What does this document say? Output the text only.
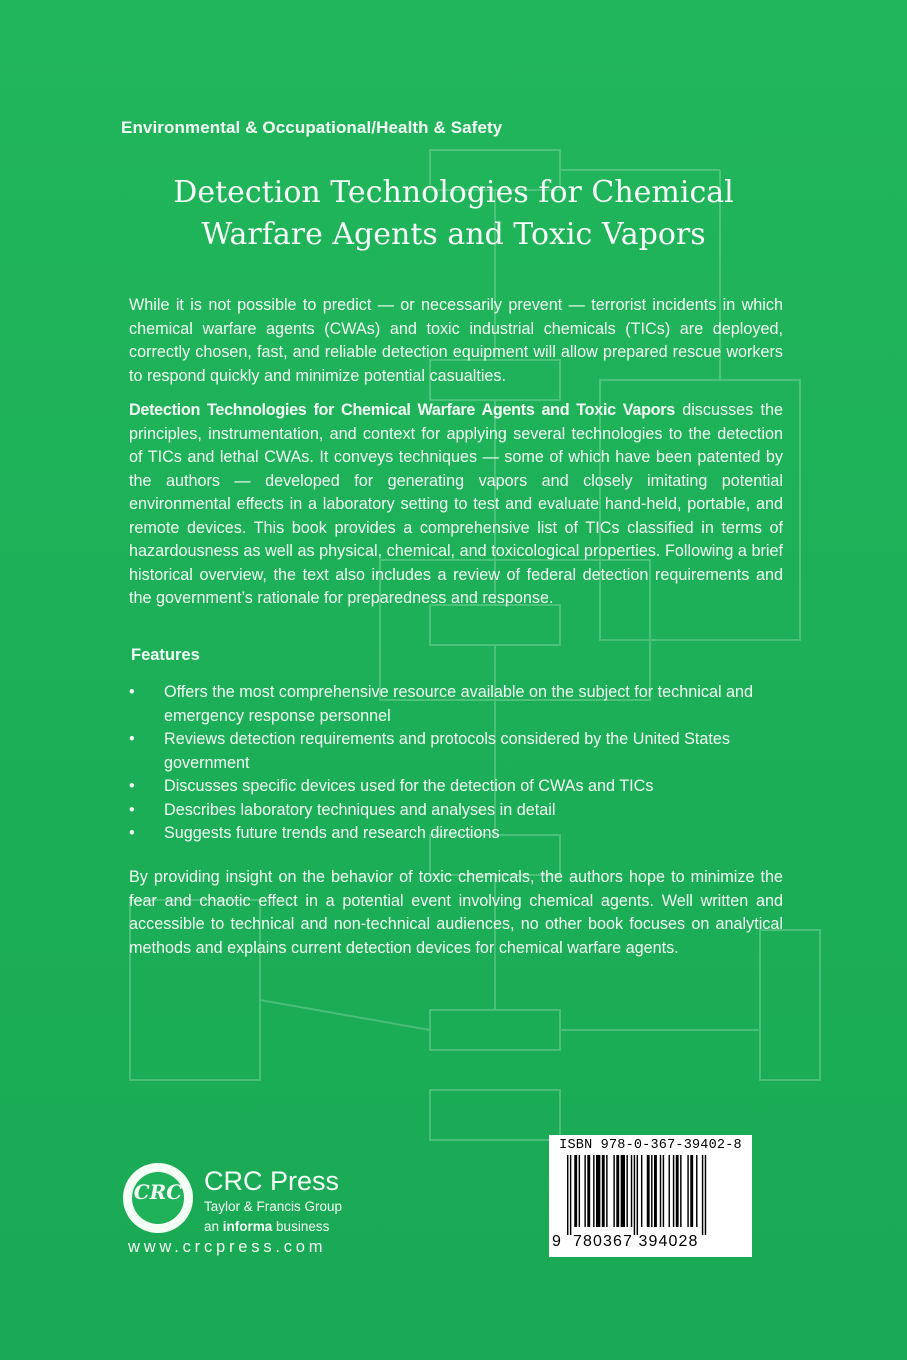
Environmental & Occupational/Health & Safety
Detection Technologies for Chemical
Warfare Agents and Toxic Vapors
While it is not possible to predict — or necessarily prevent — terrorist incidents in which chemical warfare agents (CWAs) and toxic industrial chemicals (TICs) are deployed, correctly chosen, fast, and reliable detection equipment will allow prepared rescue workers to respond quickly and minimize potential casualties.
Detection Technologies for Chemical Warfare Agents and Toxic Vapors discusses the principles, instrumentation, and context for applying several technologies to the detection of TICs and lethal CWAs. It conveys techniques — some of which have been patented by the authors — developed for generating vapors and closely imitating potential environmental effects in a laboratory setting to test and evaluate hand-held, portable, and remote devices. This book provides a comprehensive list of TICs classified in terms of hazardousness as well as physical, chemical, and toxicological properties. Following a brief historical overview, the text also includes a review of federal detection requirements and the government’s rationale for preparedness and response.
Features
• Offers the most comprehensive resource available on the subject for technical and emergency response personnel
• Reviews detection requirements and protocols considered by the United States government
• Discusses specific devices used for the detection of CWAs and TICs
• Describes laboratory techniques and analyses in detail
• Suggests future trends and research directions
By providing insight on the behavior of toxic chemicals, the authors hope to minimize the fear and chaotic effect in a potential event involving chemical agents. Well written and accessible to technical and non-technical audiences, no other book focuses on analytical methods and explains current detection devices for chemical warfare agents.
ISBN 978-0-367-39402-8
9 780367 394028
CRC CRC Press
Taylor & Francis Group
an informa business
www.crcpress.com
